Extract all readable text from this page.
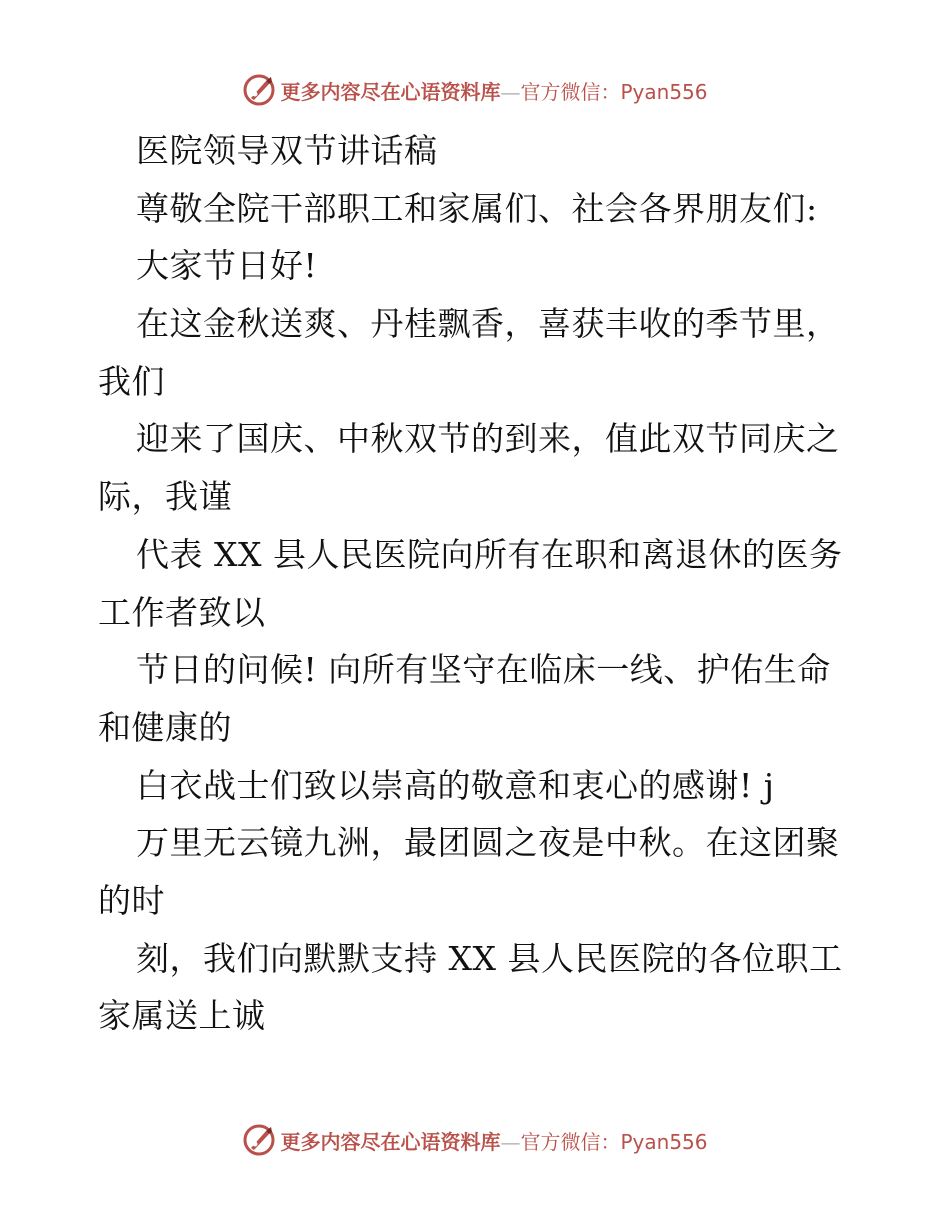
更多内容尽在心语资料库—官方微信：Pyan556
医院领导双节讲话稿
尊敬全院干部职工和家属们、社会各界朋友们:
大家节日好!
在这金秋送爽、丹桂飘香，喜获丰收的季节里，
我们
迎来了国庆、中秋双节的到来，值此双节同庆之
际，我谨
代表 XX 县人民医院向所有在职和离退休的医务
工作者致以
节日的问候! 向所有坚守在临床一线、护佑生命
和健康的
白衣战士们致以崇高的敬意和衷心的感谢! j
万里无云镜九洲，最团圆之夜是中秋。在这团聚
的时
刻，我们向默默支持 XX 县人民医院的各位职工
家属送上诚
更多内容尽在心语资料库—官方微信：Pyan556
